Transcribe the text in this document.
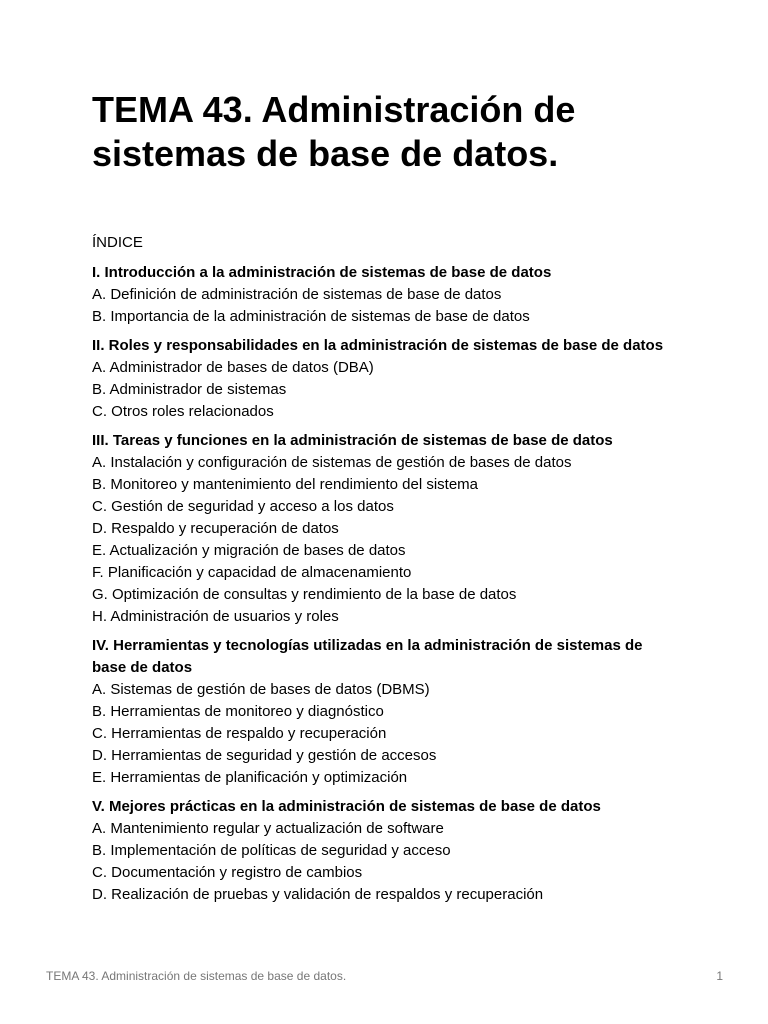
TEMA 43. Administración de sistemas de base de datos.
ÍNDICE
I. Introducción a la administración de sistemas de base de datos
A. Definición de administración de sistemas de base de datos
B. Importancia de la administración de sistemas de base de datos
II. Roles y responsabilidades en la administración de sistemas de base de datos
A. Administrador de bases de datos (DBA)
B. Administrador de sistemas
C. Otros roles relacionados
III. Tareas y funciones en la administración de sistemas de base de datos
A. Instalación y configuración de sistemas de gestión de bases de datos
B. Monitoreo y mantenimiento del rendimiento del sistema
C. Gestión de seguridad y acceso a los datos
D. Respaldo y recuperación de datos
E. Actualización y migración de bases de datos
F. Planificación y capacidad de almacenamiento
G. Optimización de consultas y rendimiento de la base de datos
H. Administración de usuarios y roles
IV. Herramientas y tecnologías utilizadas en la administración de sistemas de base de datos
A. Sistemas de gestión de bases de datos (DBMS)
B. Herramientas de monitoreo y diagnóstico
C. Herramientas de respaldo y recuperación
D. Herramientas de seguridad y gestión de accesos
E. Herramientas de planificación y optimización
V. Mejores prácticas en la administración de sistemas de base de datos
A. Mantenimiento regular y actualización de software
B. Implementación de políticas de seguridad y acceso
C. Documentación y registro de cambios
D. Realización de pruebas y validación de respaldos y recuperación
TEMA 43. Administración de sistemas de base de datos.	1
